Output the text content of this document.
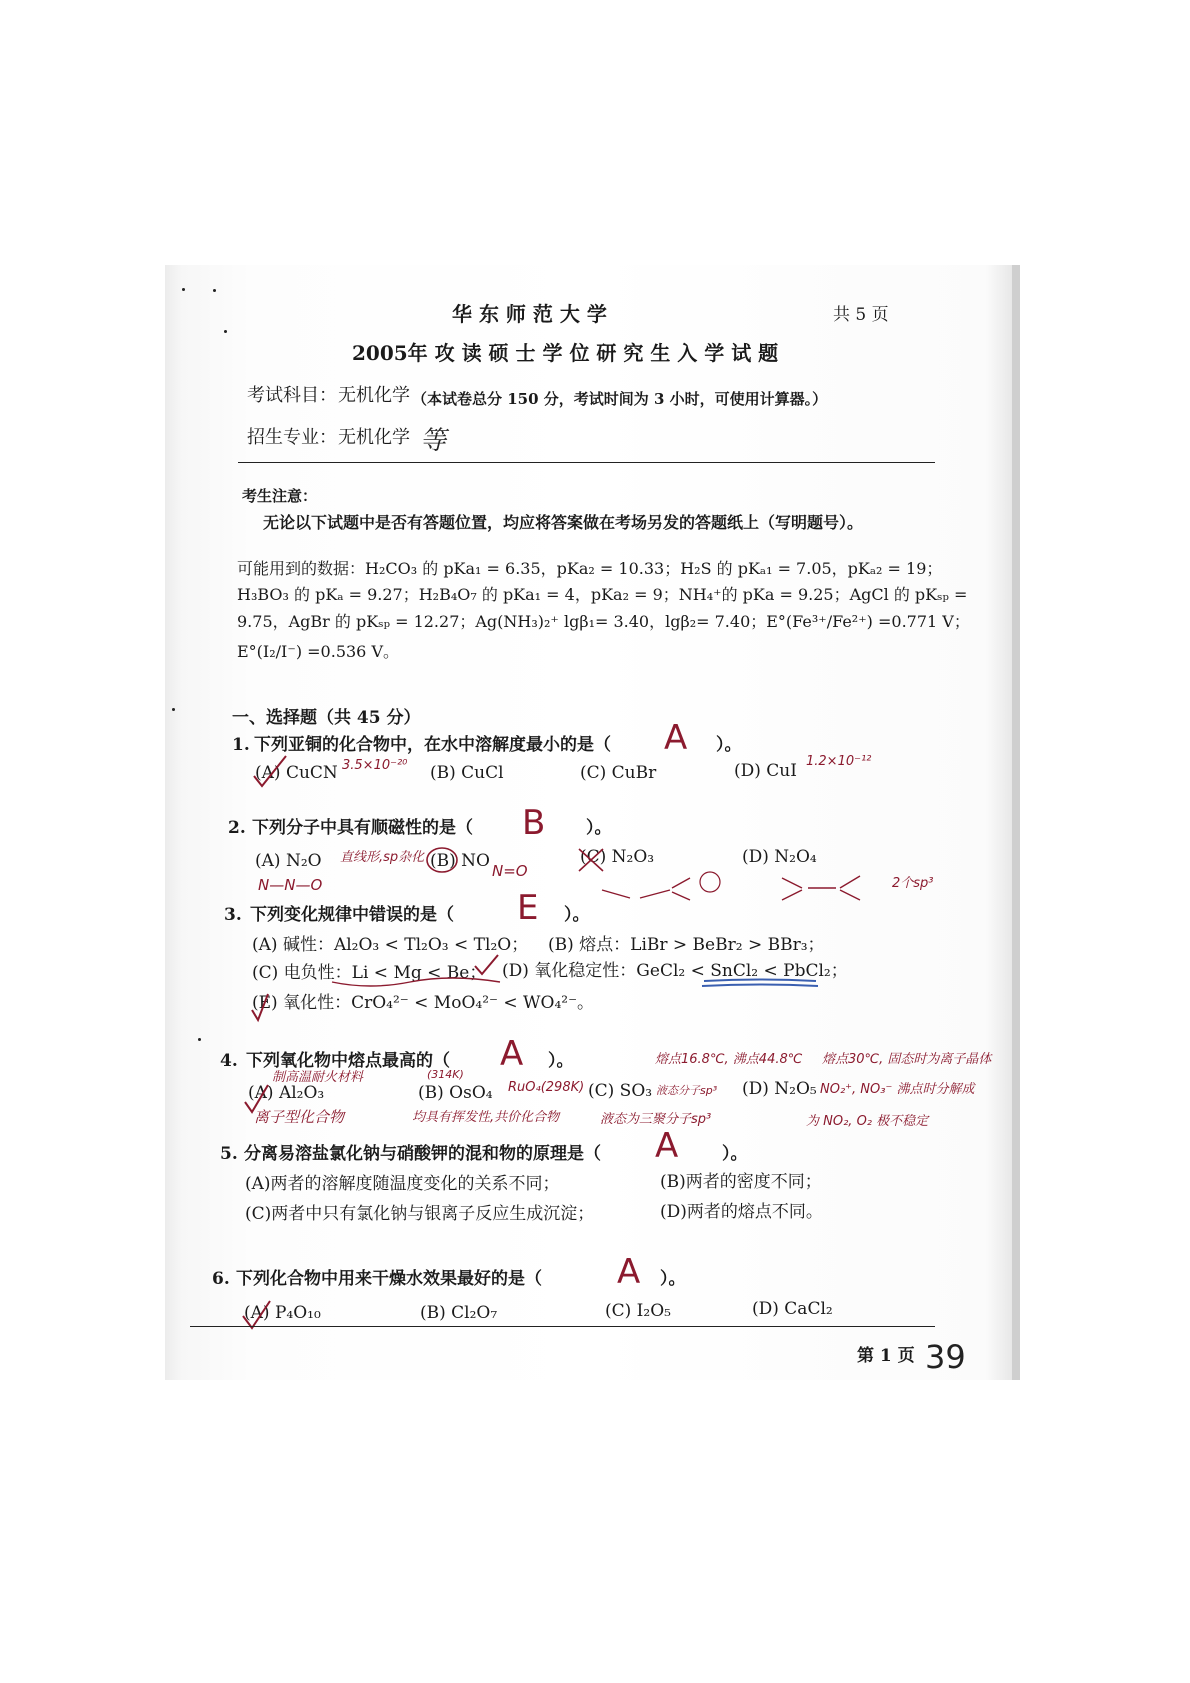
华 东 师 范 大 学	共 5 页
2005年 攻 读 硕 士 学 位 研 究 生 入 学 试 题
考试科目： 无机化学 （本试卷总分 150 分，考试时间为 3 小时，可使用计算器。）
招生专业： 无机化学 等
考生注意：
无论以下试题中是否有答题位置，均应将答案做在考场另发的答题纸上（写明题号）。
可能用到的数据：H₂CO₃ 的 pKa₁ = 6.35，pKa₂ = 10.33；H₂S 的 pKₐ₁ = 7.05，pKₐ₂ = 19；
H₃BO₃ 的 pKₐ = 9.27；H₂B₄O₇ 的 pKa₁ = 4，pKa₂ = 9；NH₄⁺的 pKa = 9.25；AgCl 的 pKₛₚ =
9.75，AgBr 的 pKₛₚ = 12.27；Ag(NH₃)₂⁺ lgβ₁= 3.40，lgβ₂= 7.40；E°(Fe³⁺/Fe²⁺) =0.771 V；
E°(I₂/I⁻) =0.536 V。
一、选择题（共 45 分）
1. 下列亚铜的化合物中，在水中溶解度最小的是（ A ）。
(A) CuCN 3.5×10⁻²⁰ (B) CuCl	(C) CuBr	(D) CuI 1.2×10⁻¹²
2. 下列分子中具有顺磁性的是（ B ）。
(A) N₂O 直线形,sp杂化 (B) NO	(C) N₂O₃	(D) N₂O₄
N—N—O
N=O
2个sp³
3. 下列变化规律中错误的是（ E ）。
(A) 碱性：Al₂O₃ < Tl₂O₃ < Tl₂O； (B) 熔点：LiBr > BeBr₂ > BBr₃；
(C) 电负性：Li < Mg < Be； (D) 氧化稳定性：GeCl₂ < SnCl₂ < PbCl₂；
(E) 氧化性：CrO₄²⁻ < MoO₄²⁻ < WO₄²⁻。
4. 下列氧化物中熔点最高的（ A ）。
制高温耐火材料
(A) Al₂O₃	(B) OsO₄
(314K)
RuO₄(298K) (C) SO₃ 液态分子sp³ (D) N₂O₅
离子型化合物	均具有挥发性,共价化合物	液态为三聚分子sp³
熔点16.8℃, 沸点44.8℃ 熔点30℃, 固态时为离子晶体
NO₂⁺, NO₃⁻ 沸点时分解成
为 NO₂, O₂ 极不稳定
5. 分离易溶盐氯化钠与硝酸钾的混和物的原理是（ A	）。
(A)两者的溶解度随温度变化的关系不同；	(B)两者的密度不同；
(C)两者中只有氯化钠与银离子反应生成沉淀；	(D)两者的熔点不同。
6. 下列化合物中用来干燥水效果最好的是（ A ）。
(A) P₄O₁₀	(B) Cl₂O₇	(C) I₂O₅	(D) CaCl₂
第 1 页 39
